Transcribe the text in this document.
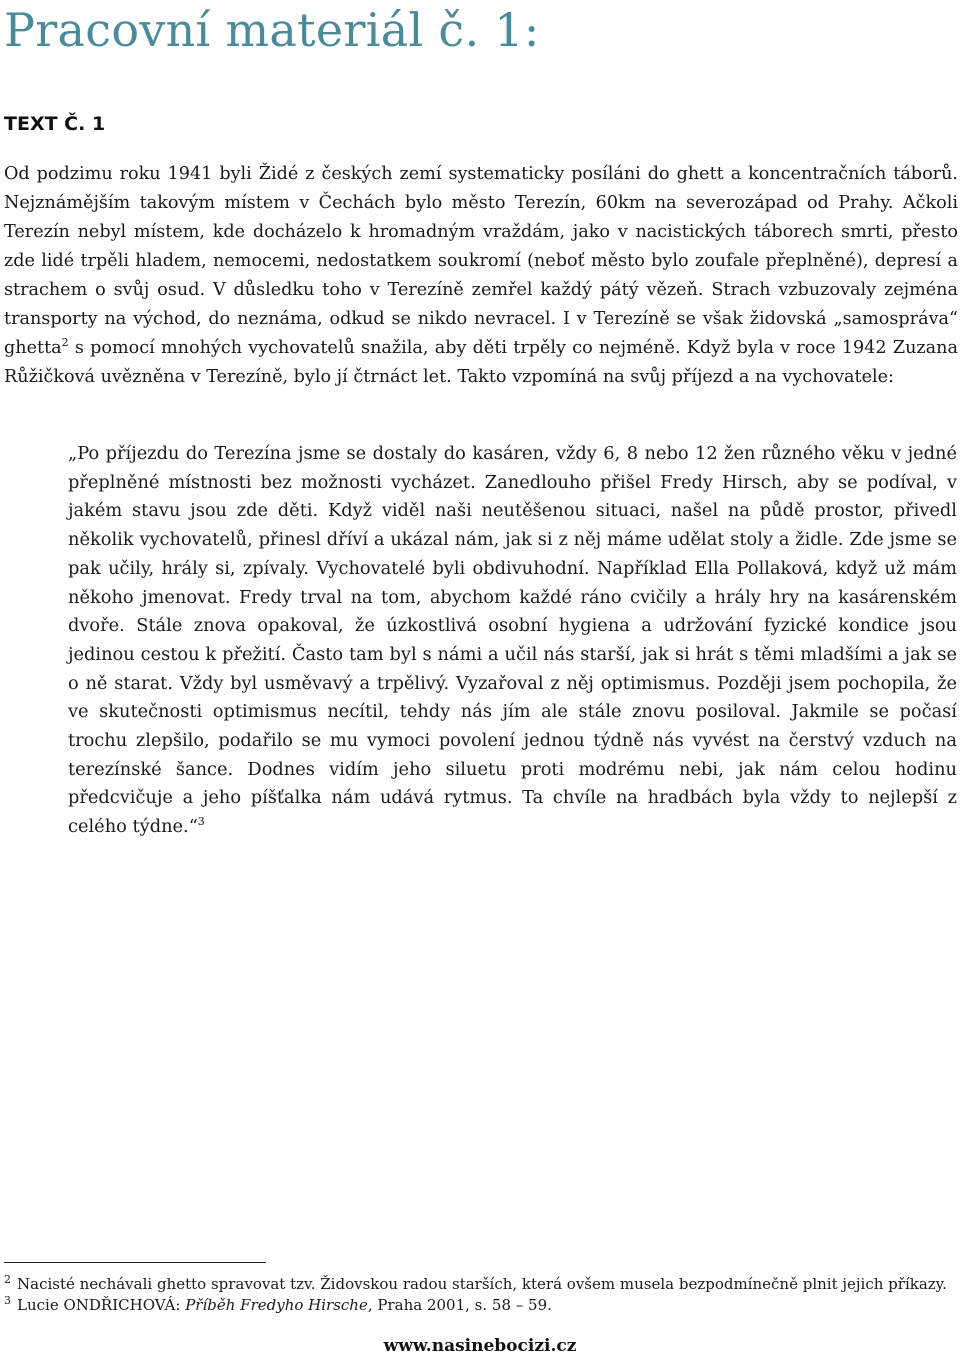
Pracovní materiál č. 1:
TEXT Č. 1

Od podzimu roku 1941 byli Židé z českých zemí systematicky posíláni do ghett a koncentračních táborů. Nejznámějším takovým místem v Čechách bylo město Terezín, 60km na severozápad od Prahy. Ačkoli Terezín nebyl místem, kde docházelo k hromadným vraždám, jako v nacistických táborech smrti, přesto zde lidé trpěli hladem, nemocemi, nedostatkem soukromí (neboť město bylo zoufale přeplněné), depresí a strachem o svůj osud. V důsledku toho v Terezíně zemřel každý pátý vězeň. Strach vzbuzovaly zejména transporty na východ, do neznáma, odkud se nikdo nevracel. I v Terezíně se však židovská „samospráva“ ghetta$^2$ s pomocí mnohých vychovatelů snažila, aby děti trpěly co nejméně. Když byla v roce 1942 Zuzana Růžičková uvězněna v Terezíně, bylo jí čtrnáct let. Takto vzpomíná na svůj příjezd a na vychovatele:

„Po příjezdu do Terezína jsme se dostaly do kasáren, vždy 6, 8 nebo 12 žen různého věku v jedné přeplněné místnosti bez možnosti vycházet. Zanedlouho přišel Fredy Hirsch, aby se podíval, v jakém stavu jsou zde děti. Když viděl naši neutěšenou situaci, našel na půdě prostor, přivedl několik vychovatelů, přinesl dříví a ukázal nám, jak si z něj máme udělat stoly a židle. Zde jsme se pak učily, hrály si, zpívaly. Vychovatelé byli obdivuhodní. Například Ella Pollaková, když už mám někoho jmenovat. Fredy trval na tom, abychom každé ráno cvičily a hrály hry na kasárenském dvoře. Stále znova opakoval, že úzkostlivá osobní hygiena a udržování fyzické kondice jsou jedinou cestou k přežití. Často tam byl s námi a učil nás starší, jak si hrát s těmi mladšími a jak se o ně starat. Vždy byl usměvavý a trpělivý. Vyzařoval z něj optimismus. Později jsem pochopila, že ve skutečnosti optimismus necítil, tehdy nás jím ale stále znovu posiloval. Jakmile se počasí trochu zlepšilo, podařilo se mu vymoci povolení jednou týdně nás vyvést na čerstvý vzduch na terezínské šance. Dodnes vidím jeho siluetu proti modrému nebi, jak nám celou hodinu předcvičuje a jeho píšťalka nám udává rytmus. Ta chvíle na hradbách byla vždy to nejlepší z celého týdne.“$^3$

$^2$ Nacisté nechávali ghetto spravovat tzv. Židovskou radou starších, která ovšem musela bezpodmínečně plnit jejich příkazy.

$^3$ Lucie ONDŘICHOVÁ: Příběh Fredyho Hirsche, Praha 2001, s. 58 – 59.

www.nasinebocizi.cz
